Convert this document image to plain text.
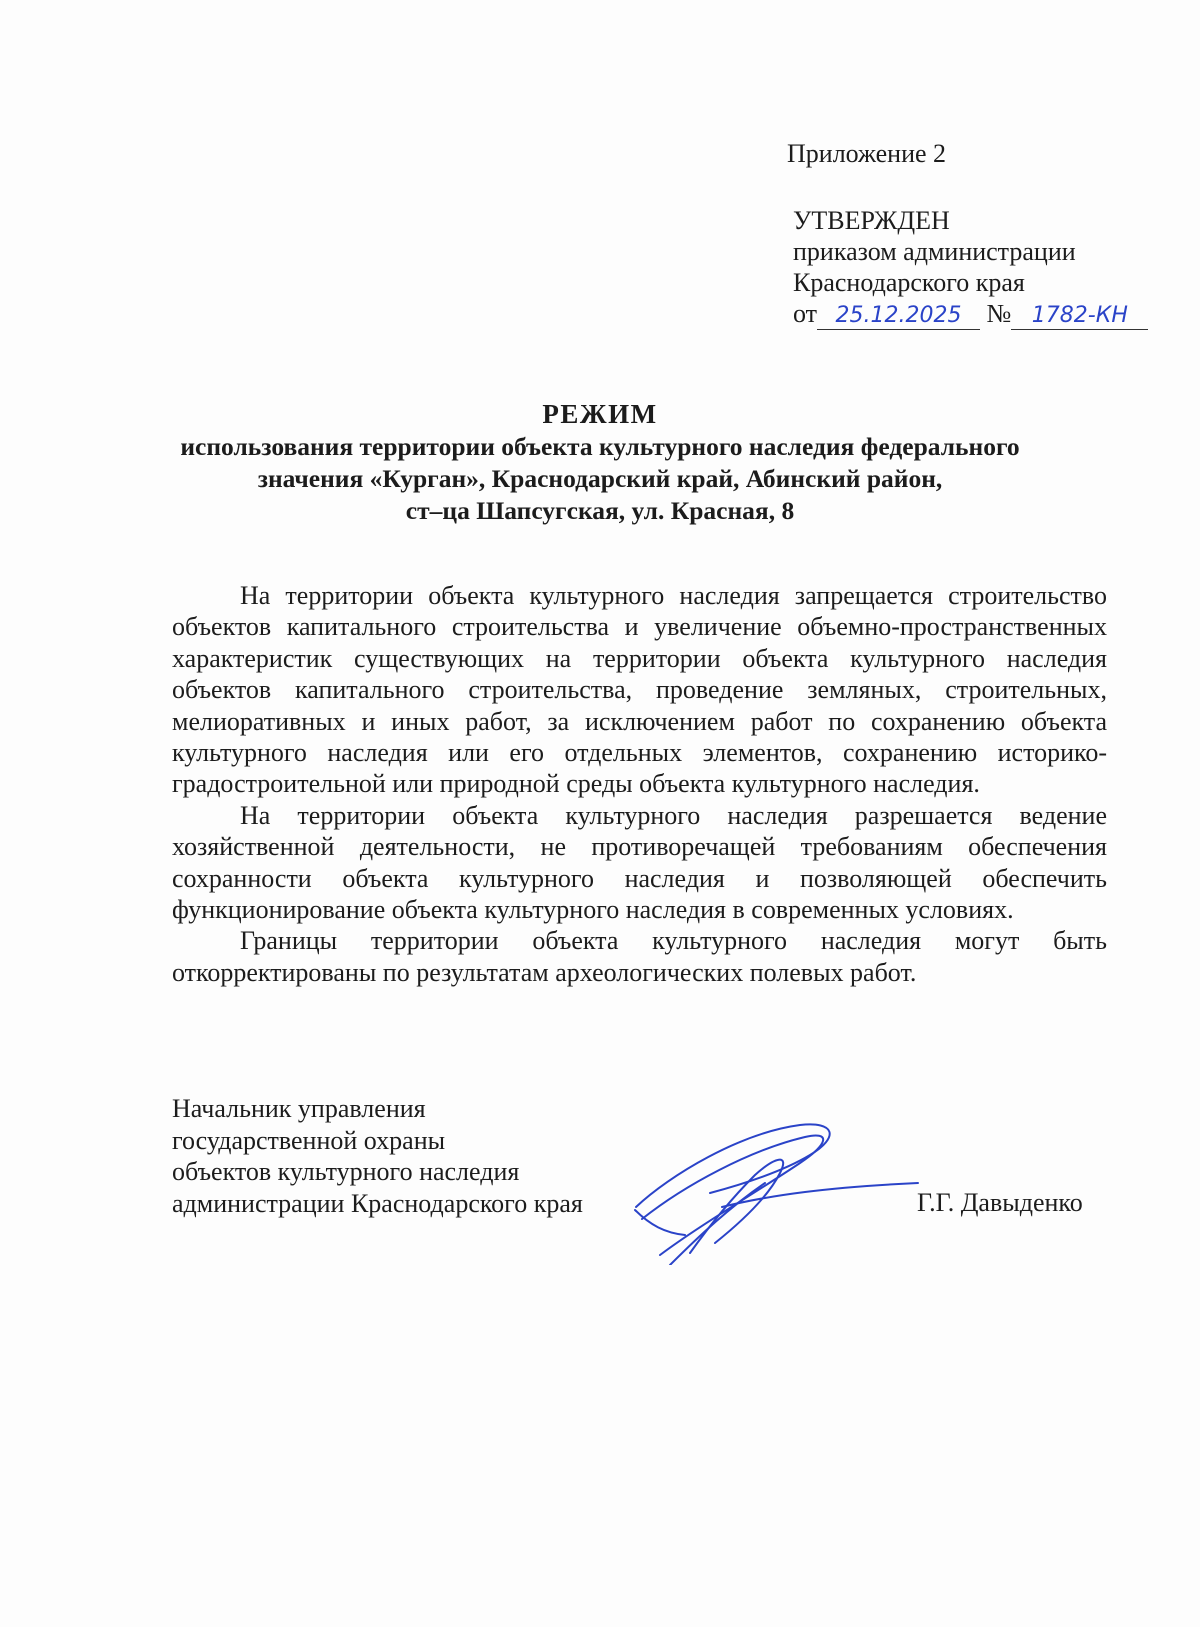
Приложение 2
УТВЕРЖДЕН
приказом администрации
Краснодарского края
от 25.12.2025 № 1782-КН
РЕЖИМ
использования территории объекта культурного наследия федерального
значения «Курган», Краснодарский край, Абинский район,
ст–ца Шапсугская, ул. Красная, 8

На территории объекта культурного наследия запрещается строительство объектов капитального строительства и увеличение объемно-пространственных характеристик существующих на территории объекта культурного наследия объектов капитального строительства, проведение земляных, строительных, мелиоративных и иных работ, за исключением работ по сохранению объекта культурного наследия или его отдельных элементов, сохранению историко-градостроительной или природной среды объекта культурного наследия.

На территории объекта культурного наследия разрешается ведение хозяйственной деятельности, не противоречащей требованиям обеспечения сохранности объекта культурного наследия и позволяющей обеспечить функционирование объекта культурного наследия в современных условиях.

Границы территории объекта культурного наследия могут быть откорректированы по результатам археологических полевых работ.

Начальник управления
государственной охраны
объектов культурного наследия
администрации Краснодарского края	Г.Г. Давыденко
